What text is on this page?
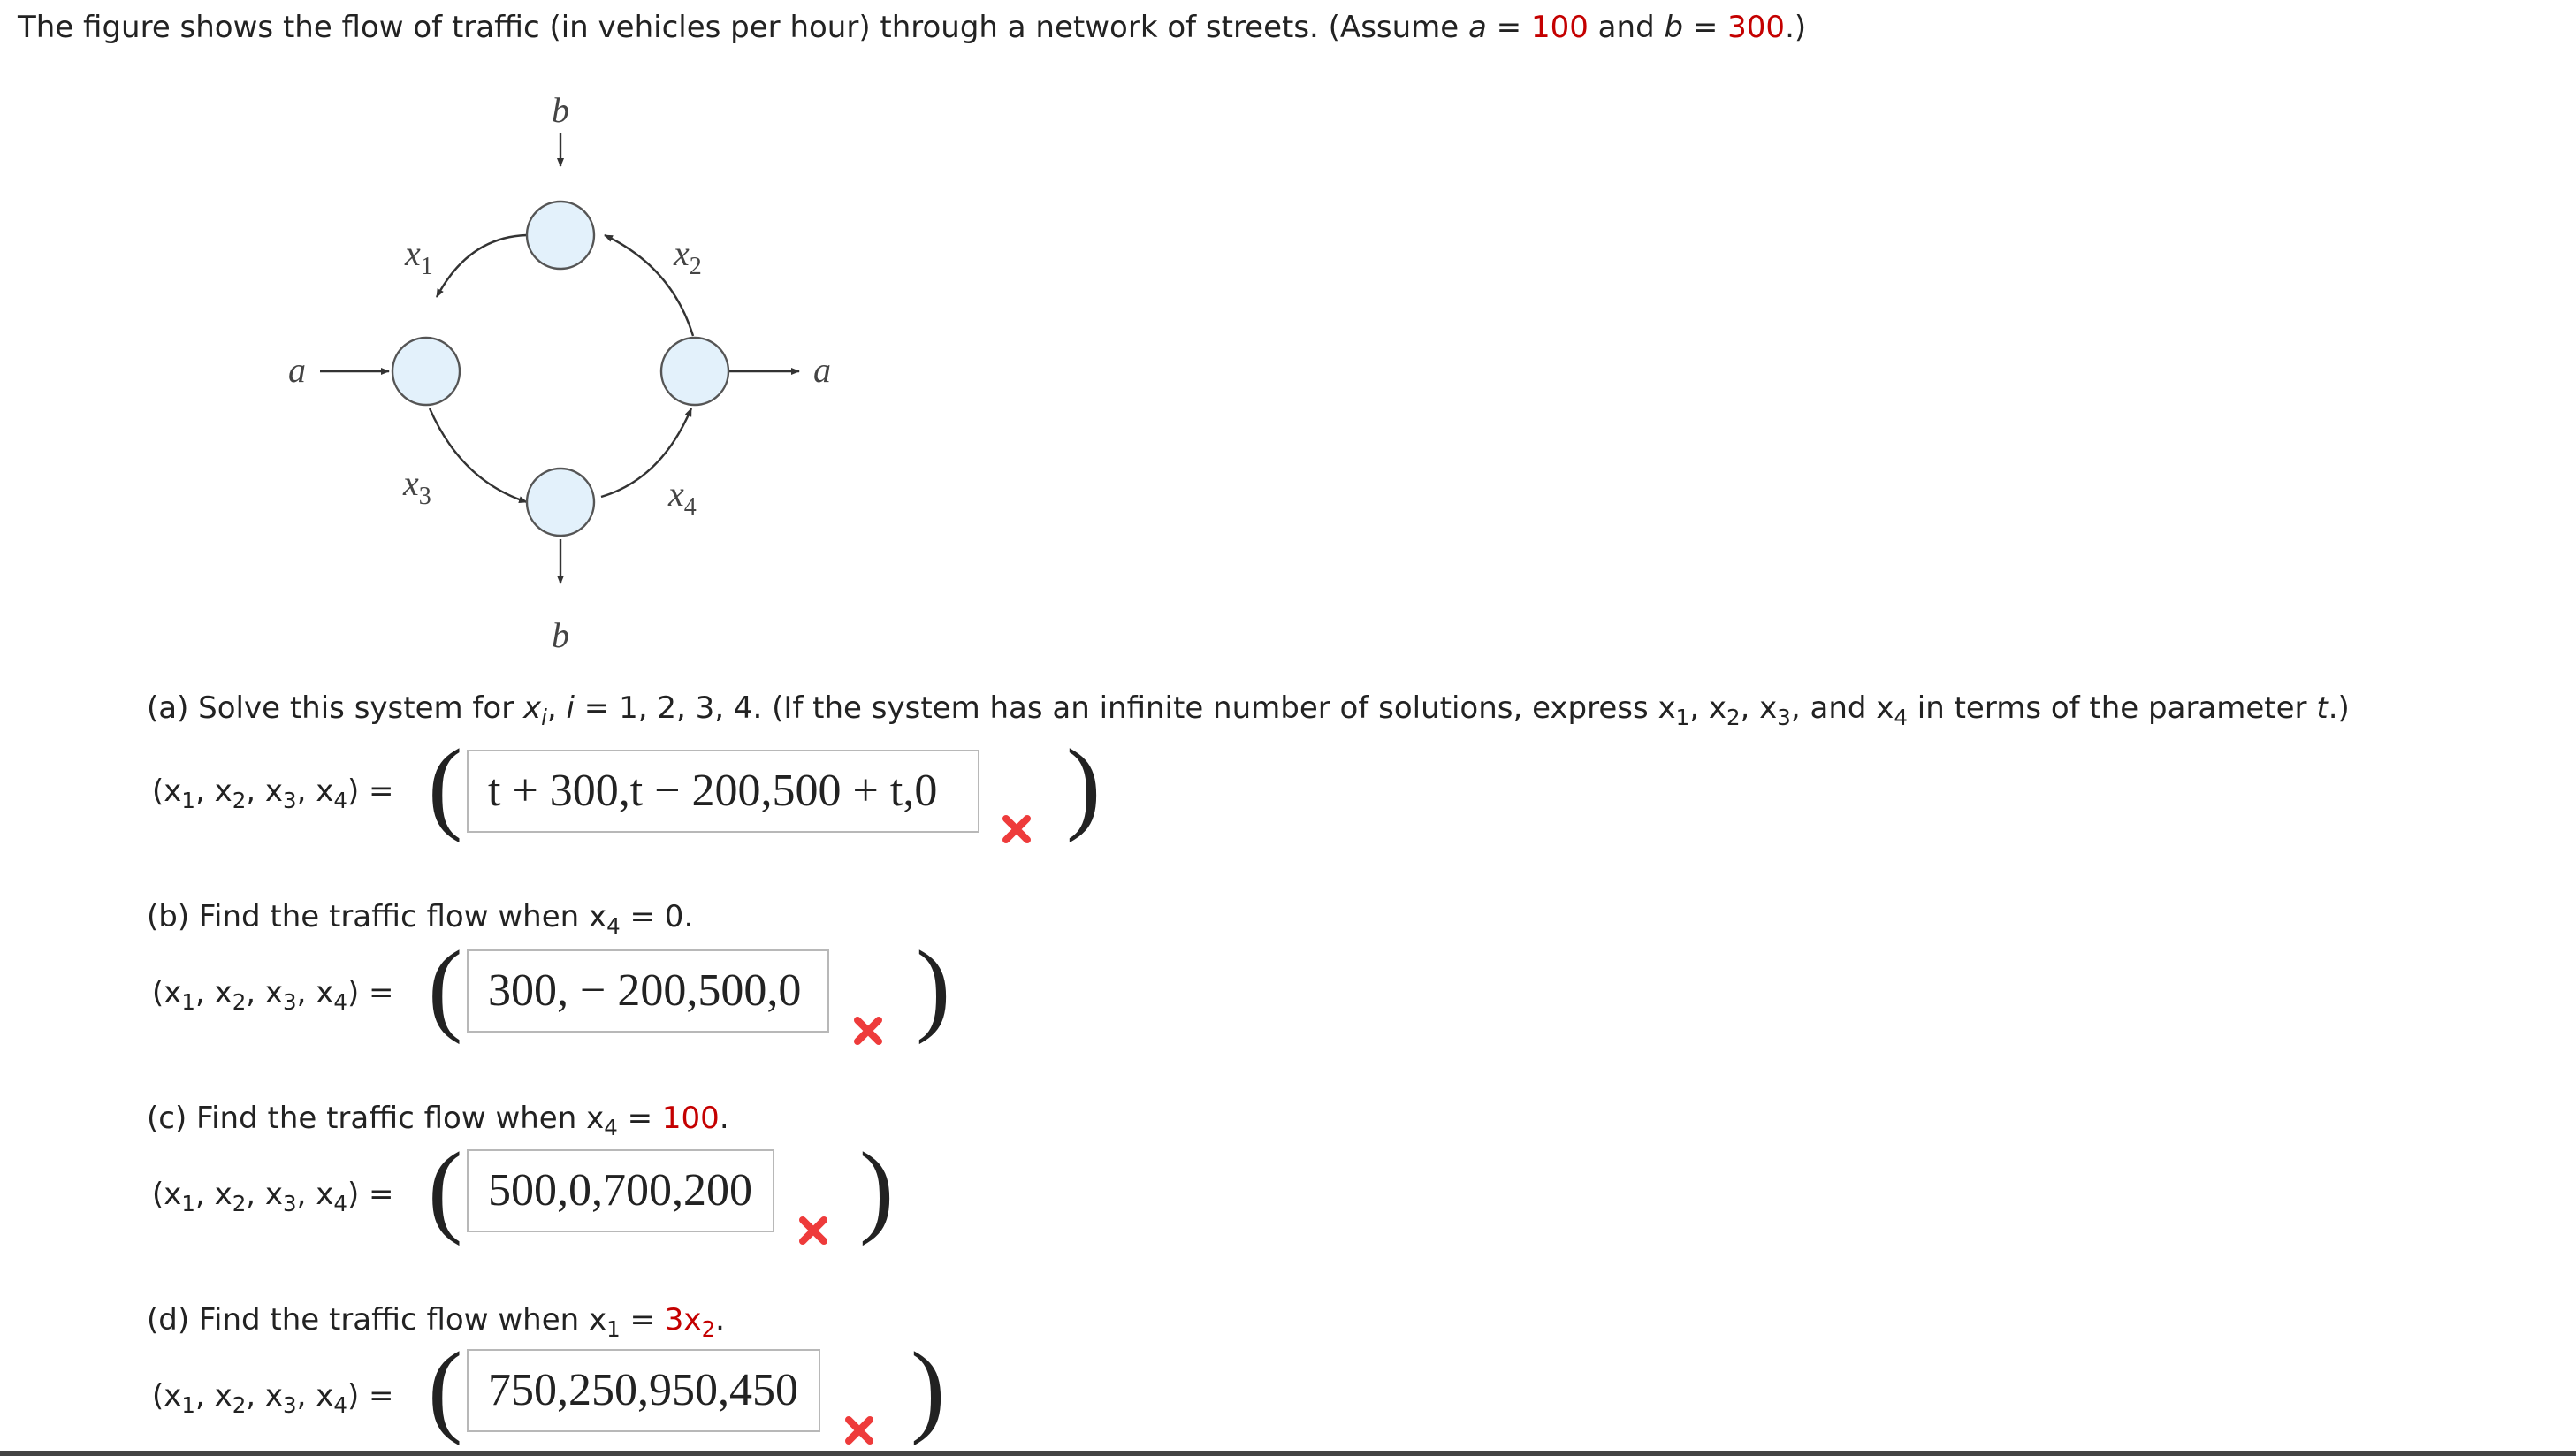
The figure shows the flow of traffic (in vehicles per hour) through a network of streets. (Assume a = 100 and b = 300.)
b
b
a	a
$x_1$	$x_2$
$x_3$	$x_4$
(a) Solve this system for $x_i$, i = 1, 2, 3, 4. (If the system has an infinite number of solutions, express $x_1$, $x_2$, $x_3$, and $x_4$ in terms of the parameter t.)
($x_1$, $x_2$, $x_3$, $x_4$) = ( t + 300,t − 200,500 + t,0 )
(b) Find the traffic flow when $x_4 = 0$.
($x_1$, $x_2$, $x_3$, $x_4$) = ( 300, − 200,500,0 )
(c) Find the traffic flow when $x_4 = 100$.
($x_1$, $x_2$, $x_3$, $x_4$) = ( 500,0,700,200 )
(d) Find the traffic flow when $x_1 = 3x_2$.
($x_1$, $x_2$, $x_3$, $x_4$) = ( 750,250,950,450 )
